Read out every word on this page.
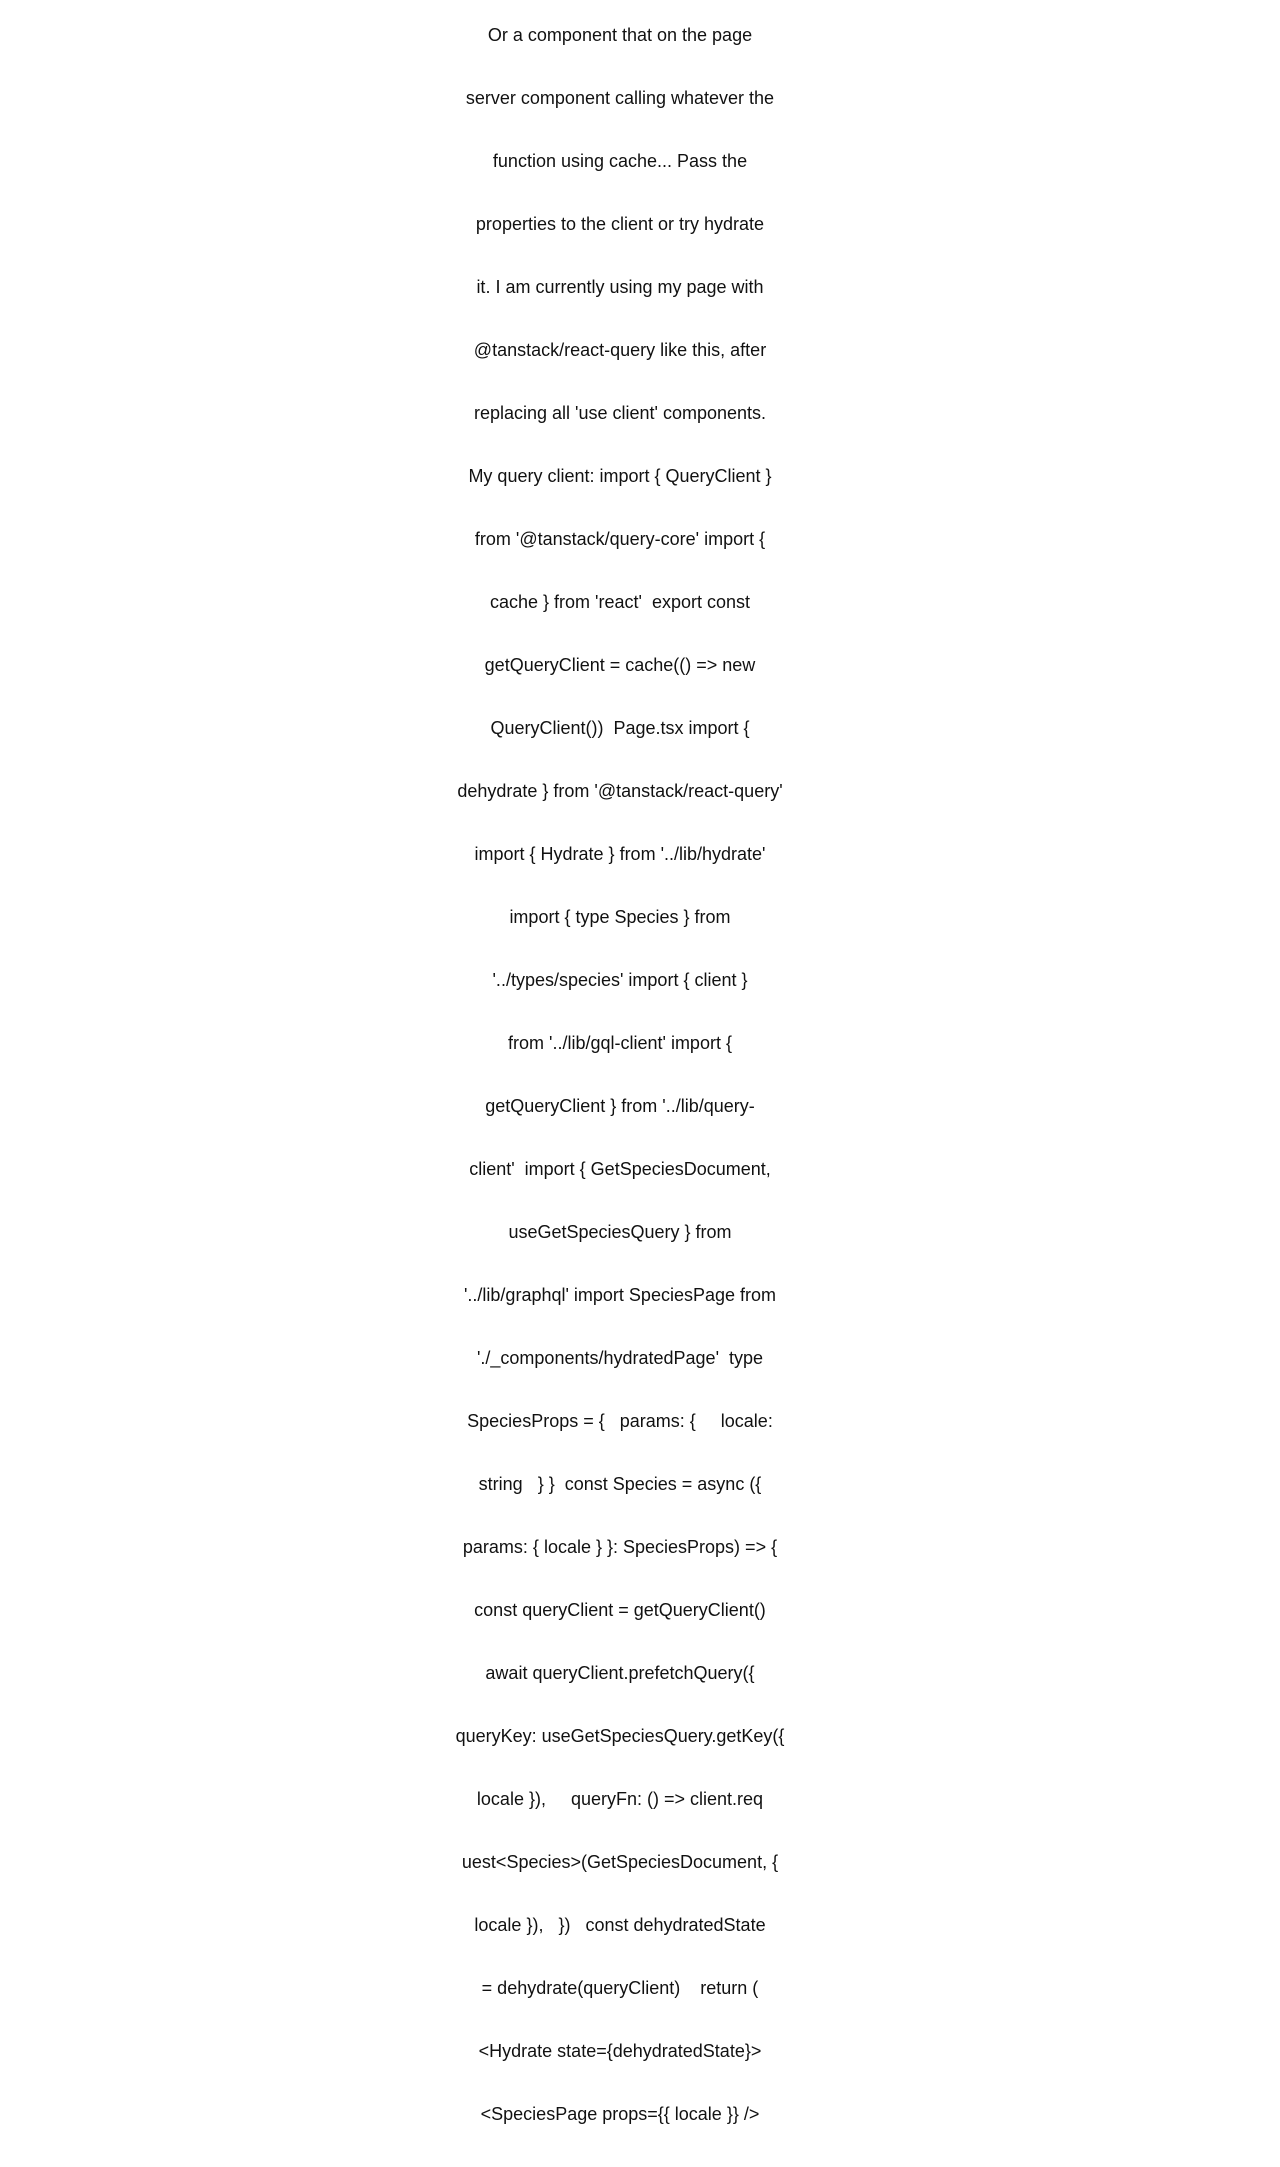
Or a component that on the page

server component calling whatever the

function using cache... Pass the

properties to the client or try hydrate

it. I am currently using my page with

@tanstack/react-query like this, after

replacing all 'use client' components.

My query client: import { QueryClient }

from '@tanstack/query-core' import {

cache } from 'react'  export const

getQueryClient = cache(() => new

QueryClient())  Page.tsx import {

dehydrate } from '@tanstack/react-query'

import { Hydrate } from '../lib/hydrate'

import { type Species } from

'../types/species' import { client }

from '../lib/gql-client' import {

getQueryClient } from '../lib/query-

client'  import { GetSpeciesDocument,

useGetSpeciesQuery } from

'../lib/graphql' import SpeciesPage from

'./_components/hydratedPage'  type

SpeciesProps = {   params: {     locale:

string   } }  const Species = async ({

params: { locale } }: SpeciesProps) => {

const queryClient = getQueryClient()

await queryClient.prefetchQuery({

queryKey: useGetSpeciesQuery.getKey({

locale }),     queryFn: () => client.req

uest<Species>(GetSpeciesDocument, {

locale }),   })   const dehydratedState

= dehydrate(queryClient)    return (

<Hydrate state={dehydratedState}>

<SpeciesPage props={{ locale }} />
